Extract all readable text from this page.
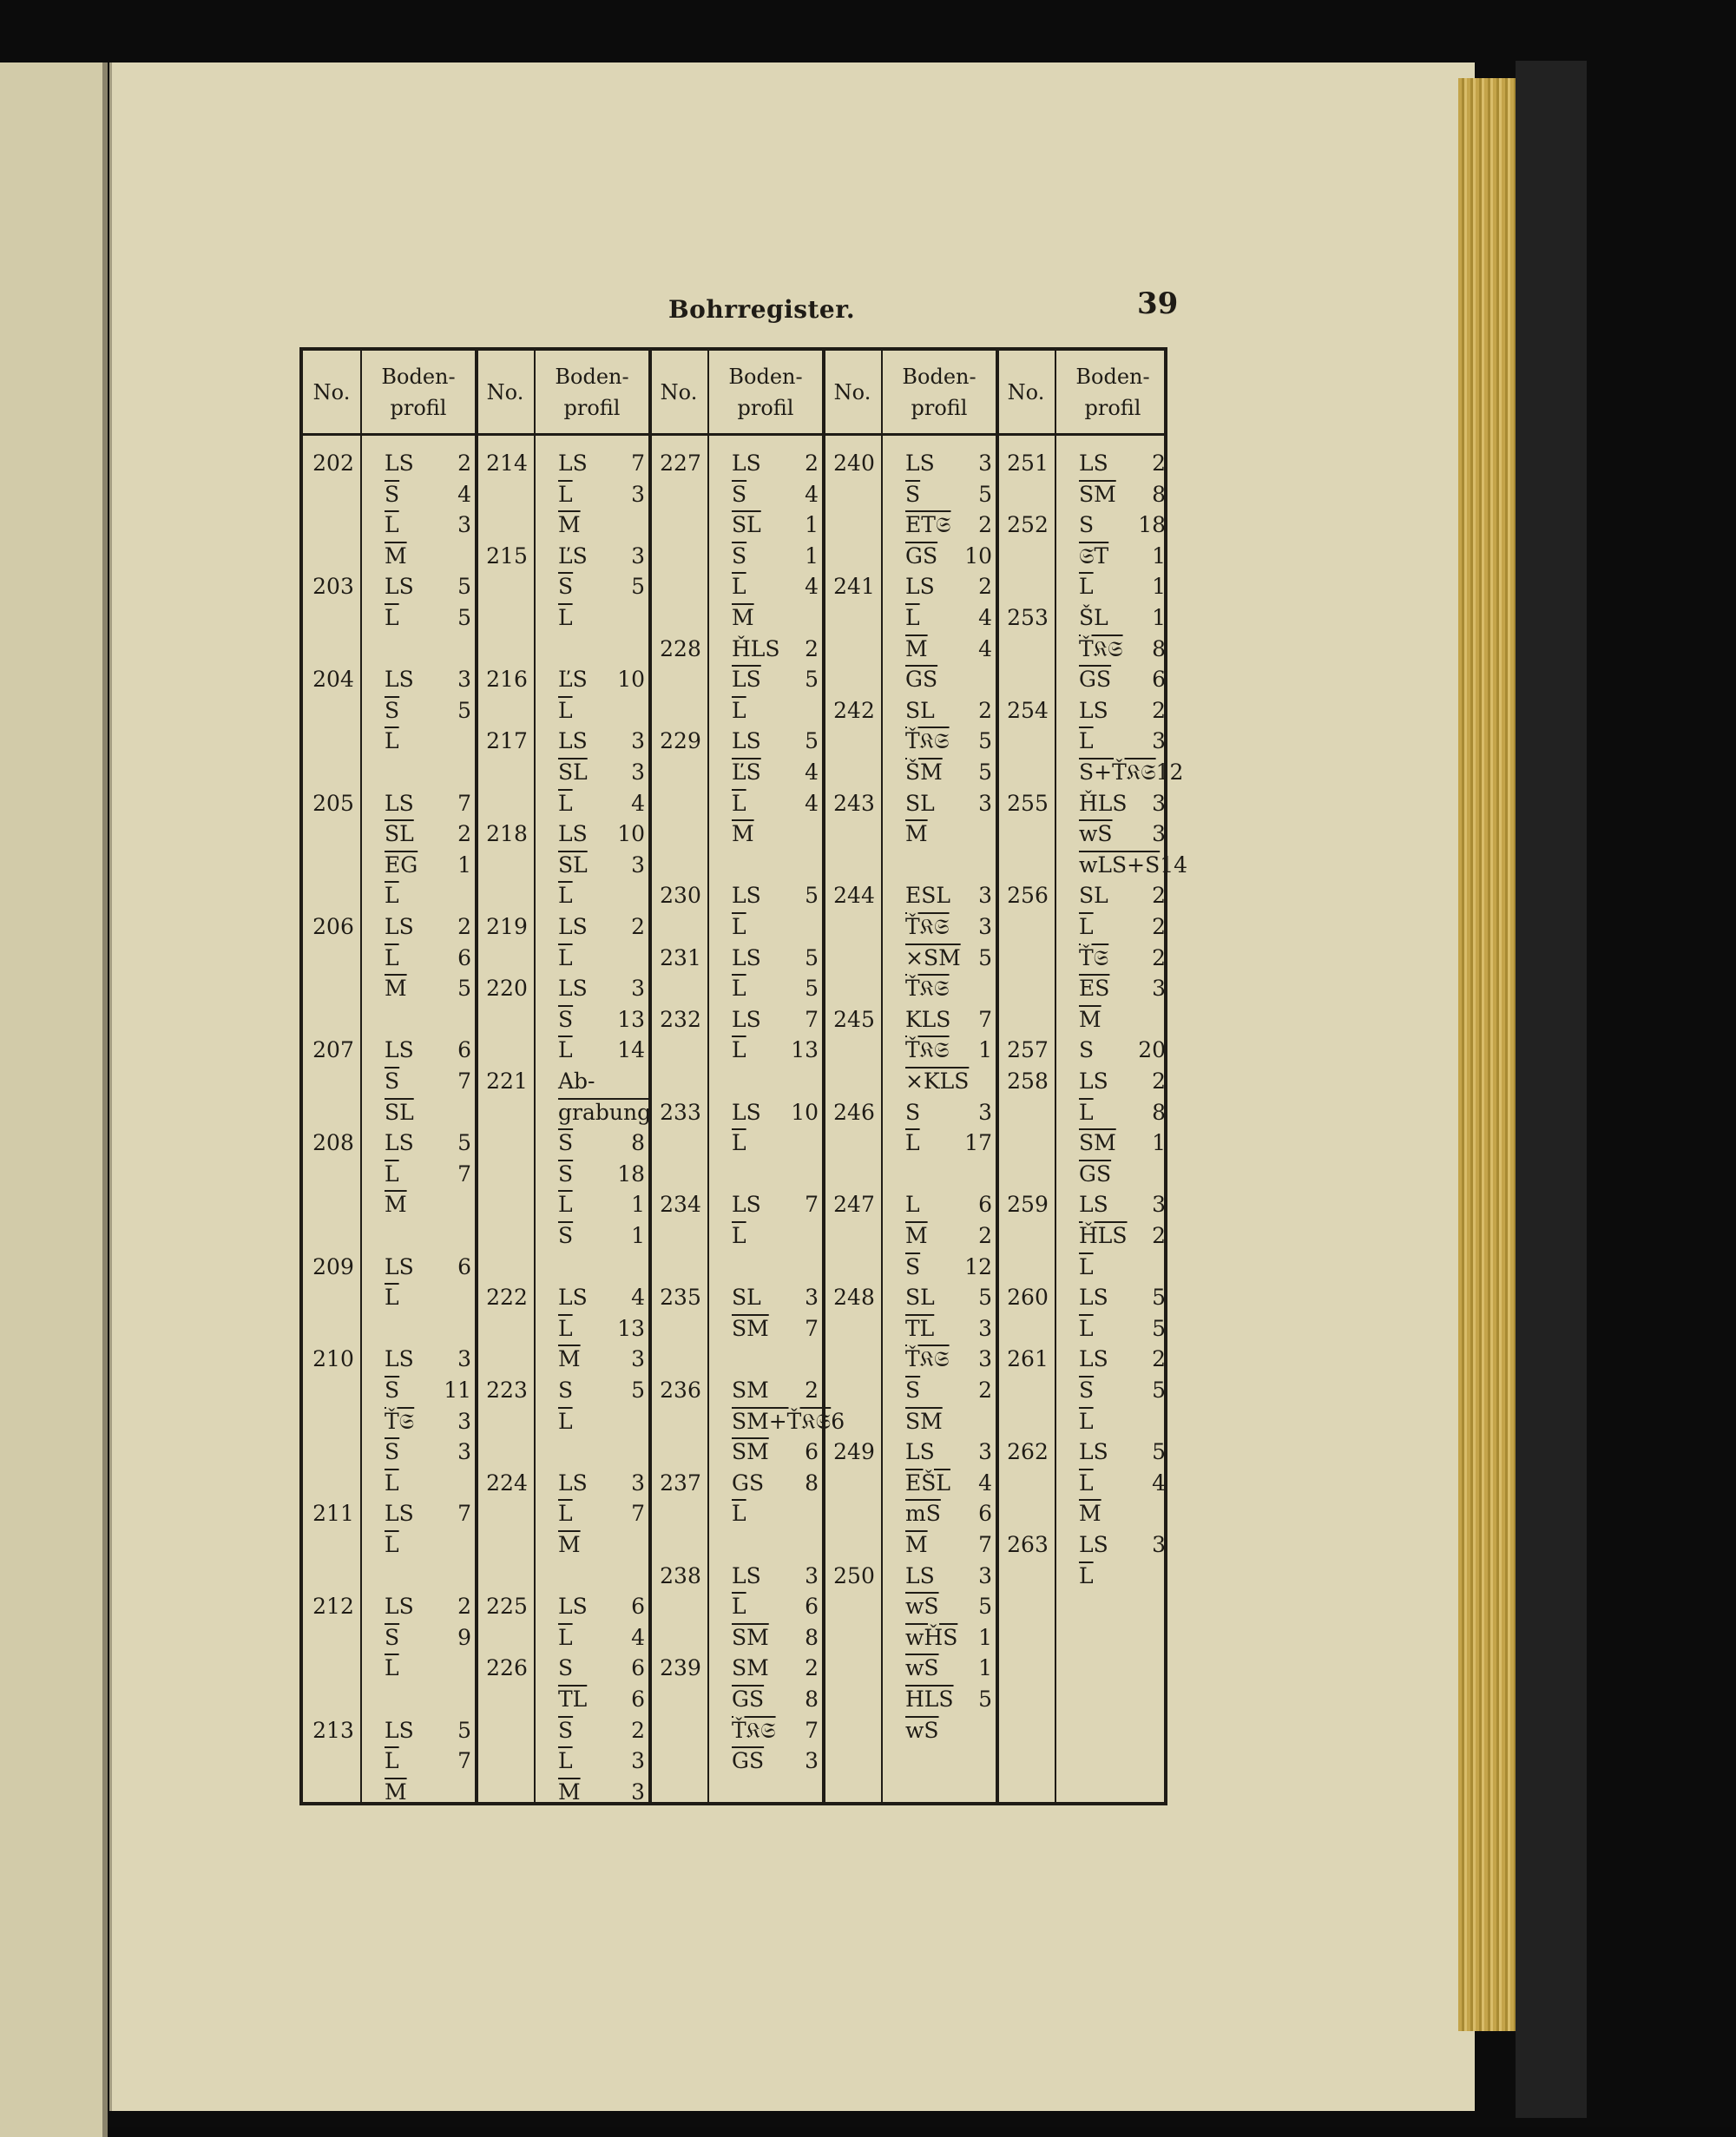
Bohrregister.	39
No.
Boden-
profil
202	LS 2
$\overline{S}$	4
$\overline{L}$	3
$\overline{M}$
203	LS 5
$\overline{L}$	5
204	LS 3
$\overline{S}$	5
$\overline{L}$
205	LS 7
$\overline{SL}$ 2
$\overline{EG}$ 1
$\overline{L}$
206	LS 2
$\overline{L}$	6
$\overline{M}$ 5
207	LS 6
$\overline{S}$	7
$\overline{SL}$
208	LS 5
$\overline{L}$	7
$\overline{M}$
209	LS 6
$\overline{L}$
210	LS 3
$\overline{S}$ 11
Ť𝔖 3
$\overline{S}$	3
$\overline{L}$
211	LS 7
$\overline{L}$
212	LS 2
$\overline{S}$	9
$\overline{L}$
213	LS 5
$\overline{L}$	7
$\overline{M}$
No.
Boden-
profil
214	LS 7
$\overline{L}$	3
$\overline{M}$
215	ĽS 3
$\overline{S}$	5
$\overline{L}$
216	ĽS 10
$\overline{L}$
217	LS 3
$\overline{SL}$ 3
$\overline{L}$	4
218	LS 10
$\overline{SL}$ 3
$\overline{L}$
219	LS 2
$\overline{L}$
220	LS 3
$\overline{S}$ 13
$\overline{L}$ 14
221	Ab-
grabung
$\overline{S}$	8
$\overline{S}$ 18
$\overline{L}$	1
$\overline{S}$	1
222	LS 4
$\overline{L}$ 13
$\overline{M}$ 3
223	S	5
$\overline{L}$
224	LS 3
$\overline{L}$	7
$\overline{M}$
225	LS 6
$\overline{L}$	4
226	S	6
$\overline{TL}$ 6
$\overline{S}$	2
$\overline{L}$	3
$\overline{M}$ 3
No.
Boden-
profil
227	LS 2
$\overline{S}$	4
$\overline{SL}$ 1
$\overline{S}$	1
$\overline{L}$	4
$\overline{M}$
228	ȞLS 2
$\overline{LS}$ 5
$\overline{L}$
229	LS 5
$\overline{ĽS}$ 4
$\overline{L}$	4
$\overline{M}$
230	LS 5
$\overline{L}$
231	LS 5
$\overline{L}$	5
232	LS 7
$\overline{L}$ 13
233	LS 10
$\overline{L}$
234	LS 7
$\overline{L}$
235	SL 3
$\overline{SM}$ 7
236	SM 2
SM+Ť𝔎𝔖 6
$\overline{SM}$ 6
237	GS 8
$\overline{L}$
238	LS 3
$\overline{L}$	6
$\overline{SM}$ 8
239	SM 2
$\overline{GS}$ 8
Ť𝔎𝔖 7
$\overline{GS}$ 3
No.
Boden-
profil
240	LS 3
$\overline{S}$	5
ET𝔖 2
$\overline{GS}$ 10
241	LS 2
$\overline{L}$	4
$\overline{M}$ 4
$\overline{GS}$
242	SL 2
Ť𝔎𝔖 5
$\overline{ŠM}$ 5
243	SL 3
$\overline{M}$
244	ESL 3
Ť𝔎𝔖 3
×SM 5
Ť𝔎𝔖
245	KLS 7
Ť𝔎𝔖 1
×KLS
246	S	3
$\overline{L}$ 17
247	L	6
$\overline{M}$ 2
$\overline{S}$ 12
248	SL 5
$\overline{TL}$ 3
Ť𝔎𝔖 3
$\overline{S}$	2
$\overline{SM}$
249	LS 3
$\overline{EŠL}$ 4
$\overline{mS}$ 6
$\overline{M}$ 7
250	LS 3
$\overline{wS}$ 5
$\overline{wȞS}$ 1
$\overline{wS}$ 1
$\overline{HLS}$ 5
$\overline{wS}$
No.
Boden-
profil
251	LS 2
$\overline{SM}$ 8
252	S 18
𝔖T 1
$\overline{L}$	1
253	ŠL 1
Ť𝔎𝔖 8
$\overline{GS}$ 6
254	LS 2
$\overline{L}$	3
S+Ť𝔎𝔖 12
255	ȞLS 3
$\overline{wS}$ 3
wLS+S 14
256	SL 2
$\overline{L}$	2
Ť𝔖 2
$\overline{ES}$ 3
$\overline{M}$
257	S 20
258	LS 2
$\overline{L}$	8
$\overline{SM}$ 1
$\overline{GS}$
259	LS 3
$\overline{ȞLS}$ 2
$\overline{L}$
260	LS 5
$\overline{L}$	5
261	LS 2
$\overline{S}$	5
$\overline{L}$
262	LS 5
$\overline{L}$	4
$\overline{M}$
263	LS 3
$\overline{L}$
